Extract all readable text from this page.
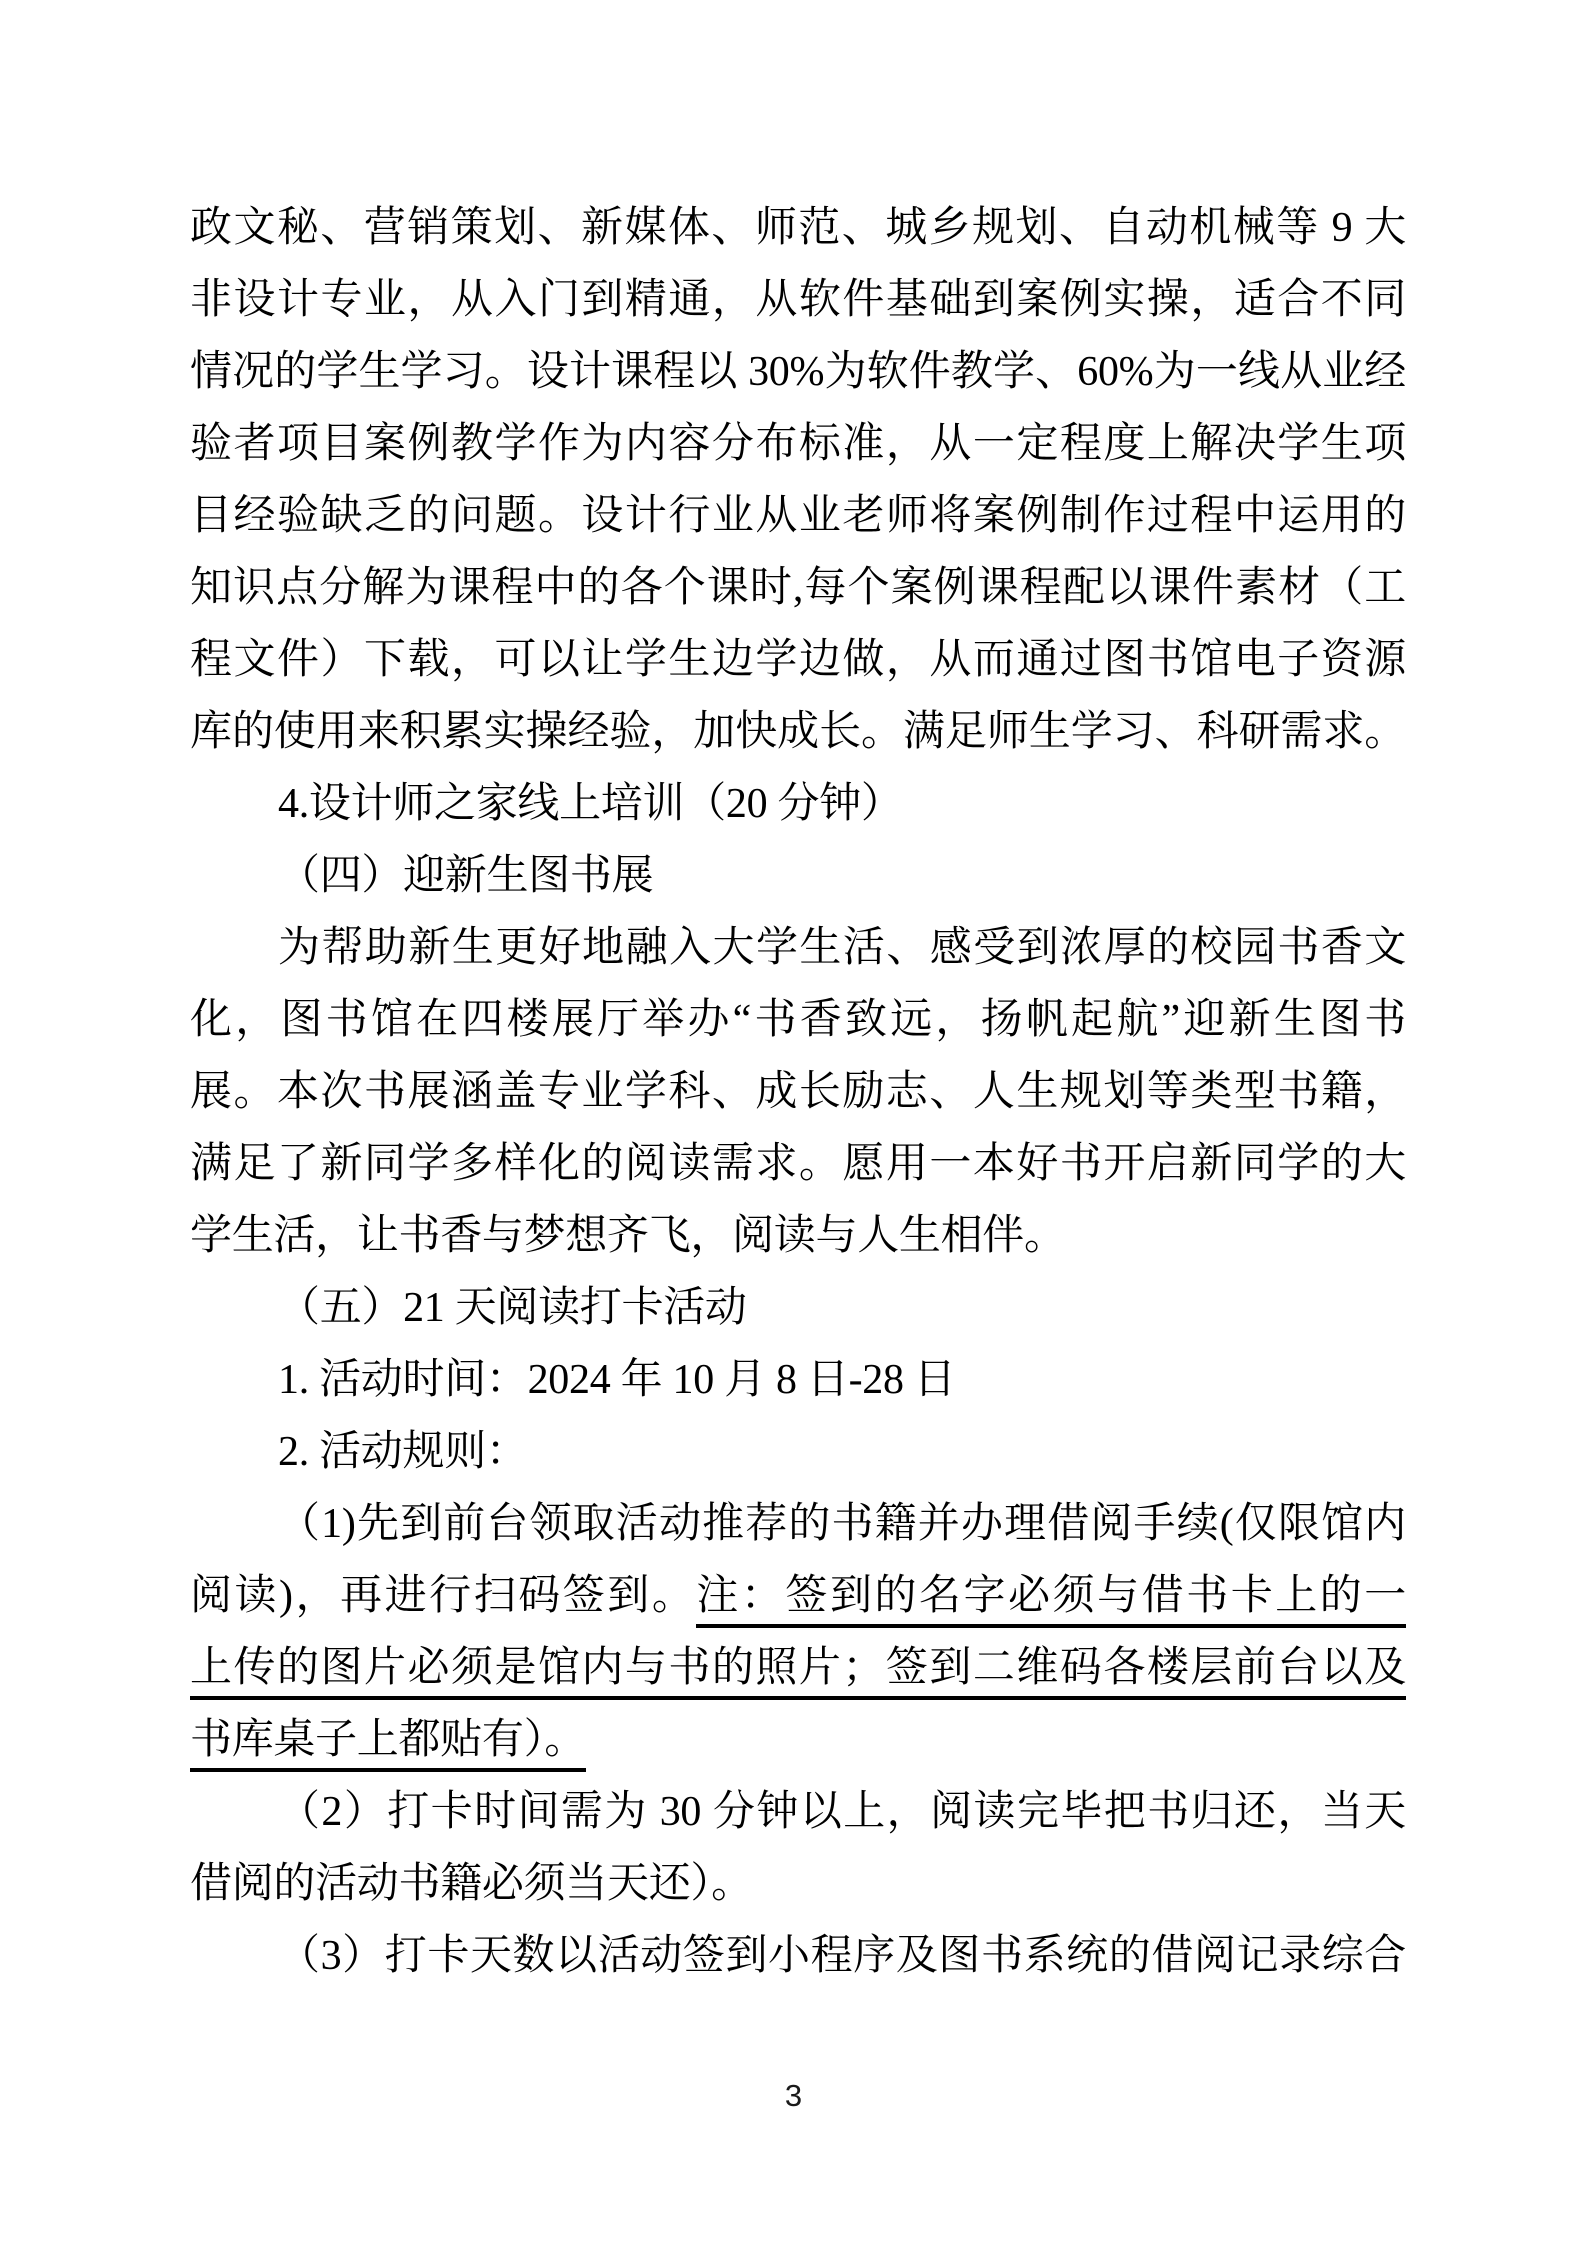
政文秘、营销策划、新媒体、师范、城乡规划、自动机械等 9 大
非设计专业，从入门到精通，从软件基础到案例实操，适合不同
情况的学生学习。设计课程以 30%为软件教学、60%为一线从业经
验者项目案例教学作为内容分布标准，从一定程度上解决学生项
目经验缺乏的问题。设计行业从业老师将案例制作过程中运用的
知识点分解为课程中的各个课时,每个案例课程配以课件素材（工
程文件）下载，可以让学生边学边做，从而通过图书馆电子资源
库的使用来积累实操经验，加快成长。满足师生学习、科研需求。
4.设计师之家线上培训（20 分钟）
（四）迎新生图书展
为帮助新生更好地融入大学生活、感受到浓厚的校园书香文
化，图书馆在四楼展厅举办“书香致远，扬帆起航”迎新生图书
展。本次书展涵盖专业学科、成长励志、人生规划等类型书籍，
满足了新同学多样化的阅读需求。愿用一本好书开启新同学的大
学生活，让书香与梦想齐飞，阅读与人生相伴。
（五）21 天阅读打卡活动
1. 活动时间：2024 年 10 月 8 日-28 日
2. 活动规则：
（1)先到前台领取活动推荐的书籍并办理借阅手续(仅限馆内
阅读)，再进行扫码签到。注：签到的名字必须与借书卡上的一
上传的图片必须是馆内与书的照片；签到二维码各楼层前台以及
书库桌子上都贴有）。
（2）打卡时间需为 30 分钟以上，阅读完毕把书归还，当天
借阅的活动书籍必须当天还）。
（3）打卡天数以活动签到小程序及图书系统的借阅记录综合
3
